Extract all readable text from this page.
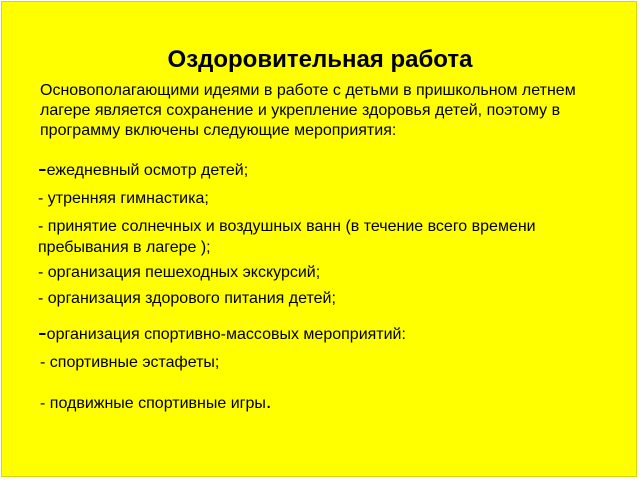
Оздоровительная работа
Основополагающими идеями в работе с детьми в пришкольном летнем лагере является сохранение и укрепление здоровья детей, поэтому в программу включены следующие мероприятия:
-ежедневный осмотр детей;
- утренняя гимнастика;
- принятие солнечных и воздушных ванн (в течение всего времени пребывания в лагере );
- организация пешеходных экскурсий;
- организация здорового питания детей;
-организация спортивно-массовых мероприятий:
- спортивные эстафеты;
- подвижные спортивные игры.
